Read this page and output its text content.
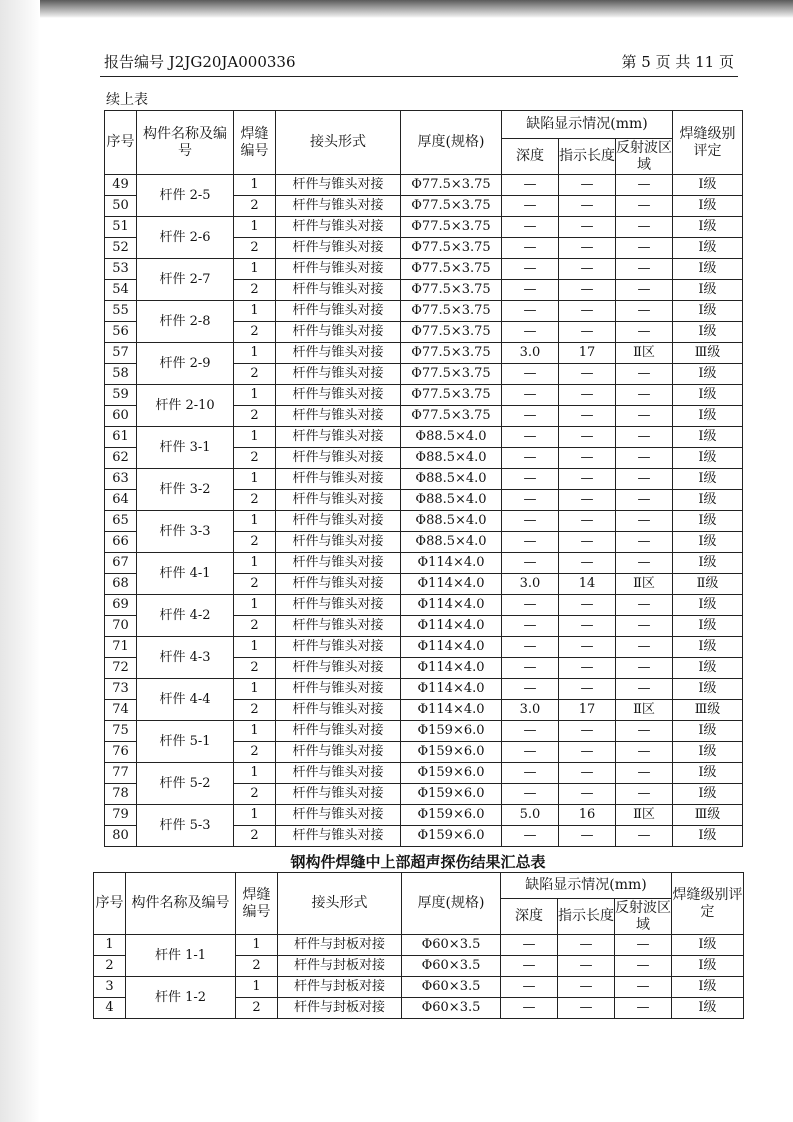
报告编号 J2JG20JA000336	第 5 页 共 11 页
续上表
序号	构件名称及编号	焊缝编号	接头形式	厚度(规格)	缺陷显示情况(mm)			焊缝级别评定
					深度	指示长度	反射波区域	
49	杆件 2-5	1	杆件与锥头对接	Φ77.5×3.75	—	—	—	Ⅰ级
50		2	杆件与锥头对接	Φ77.5×3.75	—	—	—	Ⅰ级
51	杆件 2-6	1	杆件与锥头对接	Φ77.5×3.75	—	—	—	Ⅰ级
52		2	杆件与锥头对接	Φ77.5×3.75	—	—	—	Ⅰ级
53	杆件 2-7	1	杆件与锥头对接	Φ77.5×3.75	—	—	—	Ⅰ级
54		2	杆件与锥头对接	Φ77.5×3.75	—	—	—	Ⅰ级
55	杆件 2-8	1	杆件与锥头对接	Φ77.5×3.75	—	—	—	Ⅰ级
56		2	杆件与锥头对接	Φ77.5×3.75	—	—	—	Ⅰ级
57	杆件 2-9	1	杆件与锥头对接	Φ77.5×3.75	3.0	17	Ⅱ区	Ⅲ级
58		2	杆件与锥头对接	Φ77.5×3.75	—	—	—	Ⅰ级
59	杆件 2-10	1	杆件与锥头对接	Φ77.5×3.75	—	—	—	Ⅰ级
60		2	杆件与锥头对接	Φ77.5×3.75	—	—	—	Ⅰ级
61	杆件 3-1	1	杆件与锥头对接	Φ88.5×4.0	—	—	—	Ⅰ级
62		2	杆件与锥头对接	Φ88.5×4.0	—	—	—	Ⅰ级
63	杆件 3-2	1	杆件与锥头对接	Φ88.5×4.0	—	—	—	Ⅰ级
64		2	杆件与锥头对接	Φ88.5×4.0	—	—	—	Ⅰ级
65	杆件 3-3	1	杆件与锥头对接	Φ88.5×4.0	—	—	—	Ⅰ级
66		2	杆件与锥头对接	Φ88.5×4.0	—	—	—	Ⅰ级
67	杆件 4-1	1	杆件与锥头对接	Φ114×4.0	—	—	—	Ⅰ级
68		2	杆件与锥头对接	Φ114×4.0	3.0	14	Ⅱ区	Ⅱ级
69	杆件 4-2	1	杆件与锥头对接	Φ114×4.0	—	—	—	Ⅰ级
70		2	杆件与锥头对接	Φ114×4.0	—	—	—	Ⅰ级
71	杆件 4-3	1	杆件与锥头对接	Φ114×4.0	—	—	—	Ⅰ级
72		2	杆件与锥头对接	Φ114×4.0	—	—	—	Ⅰ级
73	杆件 4-4	1	杆件与锥头对接	Φ114×4.0	—	—	—	Ⅰ级
74		2	杆件与锥头对接	Φ114×4.0	3.0	17	Ⅱ区	Ⅲ级
75	杆件 5-1	1	杆件与锥头对接	Φ159×6.0	—	—	—	Ⅰ级
76		2	杆件与锥头对接	Φ159×6.0	—	—	—	Ⅰ级
77	杆件 5-2	1	杆件与锥头对接	Φ159×6.0	—	—	—	Ⅰ级
78		2	杆件与锥头对接	Φ159×6.0	—	—	—	Ⅰ级
79	杆件 5-3	1	杆件与锥头对接	Φ159×6.0	5.0	16	Ⅱ区	Ⅲ级
80		2	杆件与锥头对接	Φ159×6.0	—	—	—	Ⅰ级
钢构件焊缝中上部超声探伤结果汇总表
序号	构件名称及编号	焊缝编号	接头形式	厚度(规格)	缺陷显示情况(mm)			焊缝级别评定
					深度	指示长度	反射波区域	
1	杆件 1-1	1	杆件与封板对接	Φ60×3.5	—	—	—	Ⅰ级
2		2	杆件与封板对接	Φ60×3.5	—	—	—	Ⅰ级
3	杆件 1-2	1	杆件与封板对接	Φ60×3.5	—	—	—	Ⅰ级
4		2	杆件与封板对接	Φ60×3.5	—	—	—	Ⅰ级
